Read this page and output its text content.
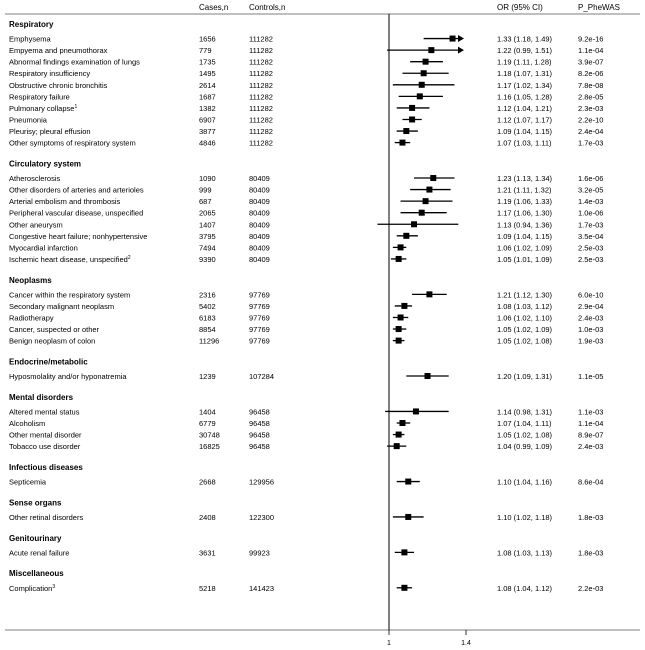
Cases,n	Controls,n	OR (95% CI)	P_PheWAS
Respiratory
Emphysema	1656	111282	1.33 (1.18, 1.49)	9.2e-16
Empyema and pneumothorax	779	111282	1.22 (0.99, 1.51)	1.1e-04
Abnormal findings examination of lungs	1735	111282	1.19 (1.11, 1.28)	3.9e-07
Respiratory insufficiency	1495	111282	1.18 (1.07, 1.31)	8.2e-06
Obstructive chronic bronchitis	2614	111282	1.17 (1.02, 1.34)	7.8e-08
Respiratory failure	1687	111282	1.16 (1.05, 1.28)	2.8e-05
Pulmonary collapse$^1$	1382	111282	1.12 (1.04, 1.21)	2.3e-03
Pneumonia	6907	111282	1.12 (1.07, 1.17)	2.2e-10
Pleurisy; pleural effusion	3877	111282	1.09 (1.04, 1.15)	2.4e-04
Other symptoms of respiratory system	4846	111282	1.07 (1.03, 1.11)	1.7e-03
Circulatory system
Atherosclerosis	1090	80409	1.23 (1.13, 1.34)	1.6e-06
Other disorders of arteries and arterioles	999	80409	1.21 (1.11, 1.32)	3.2e-05
Arterial embolism and thrombosis	687	80409	1.19 (1.06, 1.33)	1.4e-03
Peripheral vascular disease, unspecified	2065	80409	1.17 (1.06, 1.30)	1.0e-06
Other aneurysm	1407	80409	1.13 (0.94, 1.36)	1.7e-03
Congestive heart failure; nonhypertensive	3795	80409	1.09 (1.04, 1.15)	3.5e-04
Myocardial infarction	7494	80409	1.06 (1.02, 1.09)	2.5e-03
Ischemic heart disease, unspecified$^2$	9390	80409	1.05 (1.01, 1.09)	2.5e-03
Neoplasms
Cancer within the respiratory system	2316	97769	1.21 (1.12, 1.30)	6.0e-10
Secondary malignant neoplasm	5402	97769	1.08 (1.03, 1.12)	2.9e-04
Radiotherapy	6183	97769	1.06 (1.02, 1.10)	2.4e-03
Cancer, suspected or other	8854	97769	1.05 (1.02, 1.09)	1.0e-03
Benign neoplasm of colon	11296	97769	1.05 (1.02, 1.08)	1.9e-03
Endocrine/metabolic
Hyposmolality and/or hyponatremia	1239	107284	1.20 (1.09, 1.31)	1.1e-05
Mental disorders
Altered mental status	1404	96458	1.14 (0.98, 1.31)	1.1e-03
Alcoholism	6779	96458	1.07 (1.04, 1.11)	1.1e-04
Other mental disorder	30748	96458	1.05 (1.02, 1.08)	8.9e-07
Tobacco use disorder	16825	96458	1.04 (0.99, 1.09)	2.4e-03
Infectious diseases
Septicemia	2668	129956	1.10 (1.04, 1.16)	8.6e-04
Sense organs
Other retinal disorders	2408	122300	1.10 (1.02, 1.18)	1.8e-03
Genitourinary
Acute renal failure	3631	99923	1.08 (1.03, 1.13)	1.8e-03
Miscellaneous
Complication$^3$	5218	141423	1.08 (1.04, 1.12)	2.2e-03
1	1.4
